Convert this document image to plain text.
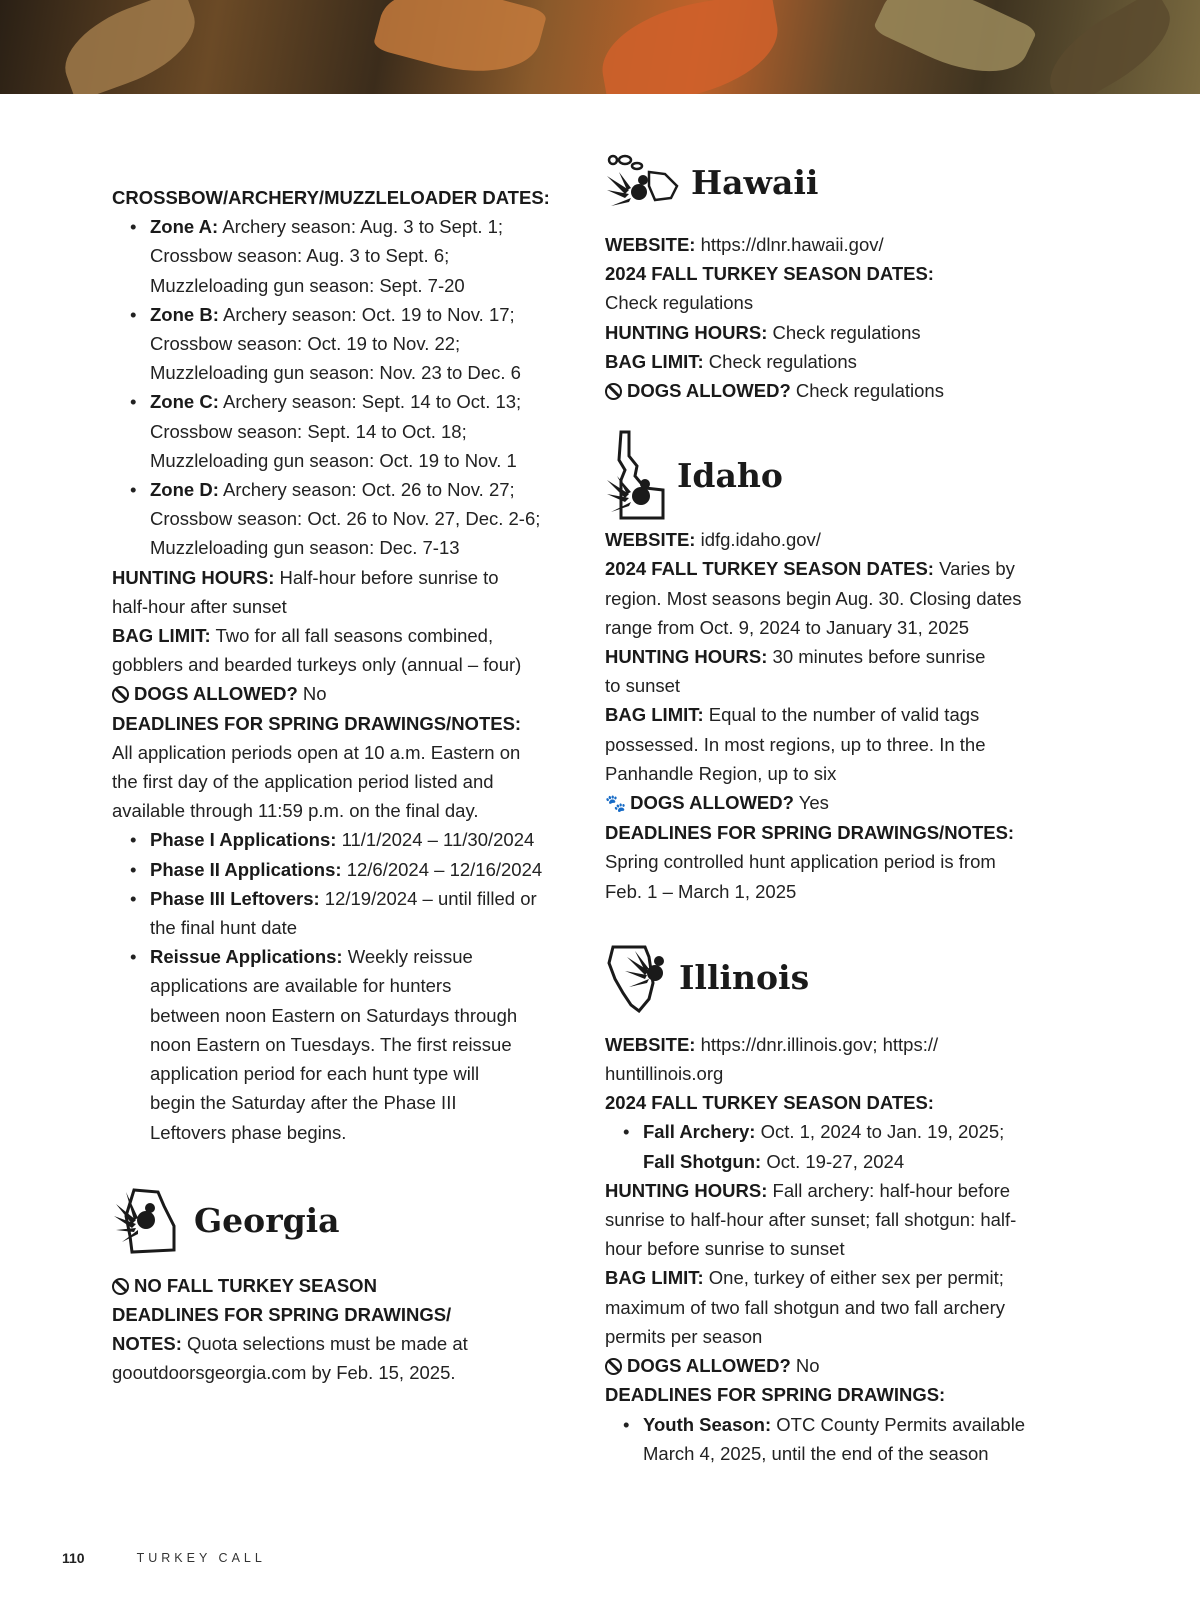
CROSSBOW/ARCHERY/MUZZLELOADER DATES:
• Zone A: Archery season: Aug. 3 to Sept. 1;
Crossbow season: Aug. 3 to Sept. 6;
Muzzleloading gun season: Sept. 7-20
• Zone B: Archery season: Oct. 19 to Nov. 17;
Crossbow season: Oct. 19 to Nov. 22;
Muzzleloading gun season: Nov. 23 to Dec. 6
• Zone C: Archery season: Sept. 14 to Oct. 13;
Crossbow season: Sept. 14 to Oct. 18;
Muzzleloading gun season: Oct. 19 to Nov. 1
• Zone D: Archery season: Oct. 26 to Nov. 27;
Crossbow season: Oct. 26 to Nov. 27, Dec. 2-6;
Muzzleloading gun season: Dec. 7-13
HUNTING HOURS: Half-hour before sunrise to
half-hour after sunset
BAG LIMIT: Two for all fall seasons combined,
gobblers and bearded turkeys only (annual – four)
DOGS ALLOWED? No
DEADLINES FOR SPRING DRAWINGS/NOTES:
All application periods open at 10 a.m. Eastern on
the first day of the application period listed and
available through 11:59 p.m. on the final day.
• Phase I Applications: 11/1/2024 – 11/30/2024
• Phase II Applications: 12/6/2024 – 12/16/2024
• Phase III Leftovers: 12/19/2024 – until filled or
the final hunt date
• Reissue Applications: Weekly reissue
applications are available for hunters
between noon Eastern on Saturdays through
noon Eastern on Tuesdays. The first reissue
application period for each hunt type will
begin the Saturday after the Phase III
Leftovers phase begins.
Georgia
NO FALL TURKEY SEASON
DEADLINES FOR SPRING DRAWINGS/
NOTES: Quota selections must be made at
gooutdoorsgeorgia.com by Feb. 15, 2025.
Hawaii
WEBSITE: https://dlnr.hawaii.gov/
2024 FALL TURKEY SEASON DATES:
Check regulations
HUNTING HOURS: Check regulations
BAG LIMIT: Check regulations
DOGS ALLOWED? Check regulations
Idaho
WEBSITE: idfg.idaho.gov/
2024 FALL TURKEY SEASON DATES: Varies by
region. Most seasons begin Aug. 30. Closing dates
range from Oct. 9, 2024 to January 31, 2025
HUNTING HOURS: 30 minutes before sunrise
to sunset
BAG LIMIT: Equal to the number of valid tags
possessed. In most regions, up to three. In the
Panhandle Region, up to six
🐾 DOGS ALLOWED? Yes
DEADLINES FOR SPRING DRAWINGS/NOTES:
Spring controlled hunt application period is from
Feb. 1 – March 1, 2025
Illinois
WEBSITE: https://dnr.illinois.gov; https://
huntillinois.org
2024 FALL TURKEY SEASON DATES:
• Fall Archery: Oct. 1, 2024 to Jan. 19, 2025;
Fall Shotgun: Oct. 19-27, 2024
HUNTING HOURS: Fall archery: half-hour before
sunrise to half-hour after sunset; fall shotgun: half-
hour before sunrise to sunset
BAG LIMIT: One, turkey of either sex per permit;
maximum of two fall shotgun and two fall archery
permits per season
DOGS ALLOWED? No
DEADLINES FOR SPRING DRAWINGS:
• Youth Season: OTC County Permits available
March 4, 2025, until the end of the season
110	TURKEY CALL
